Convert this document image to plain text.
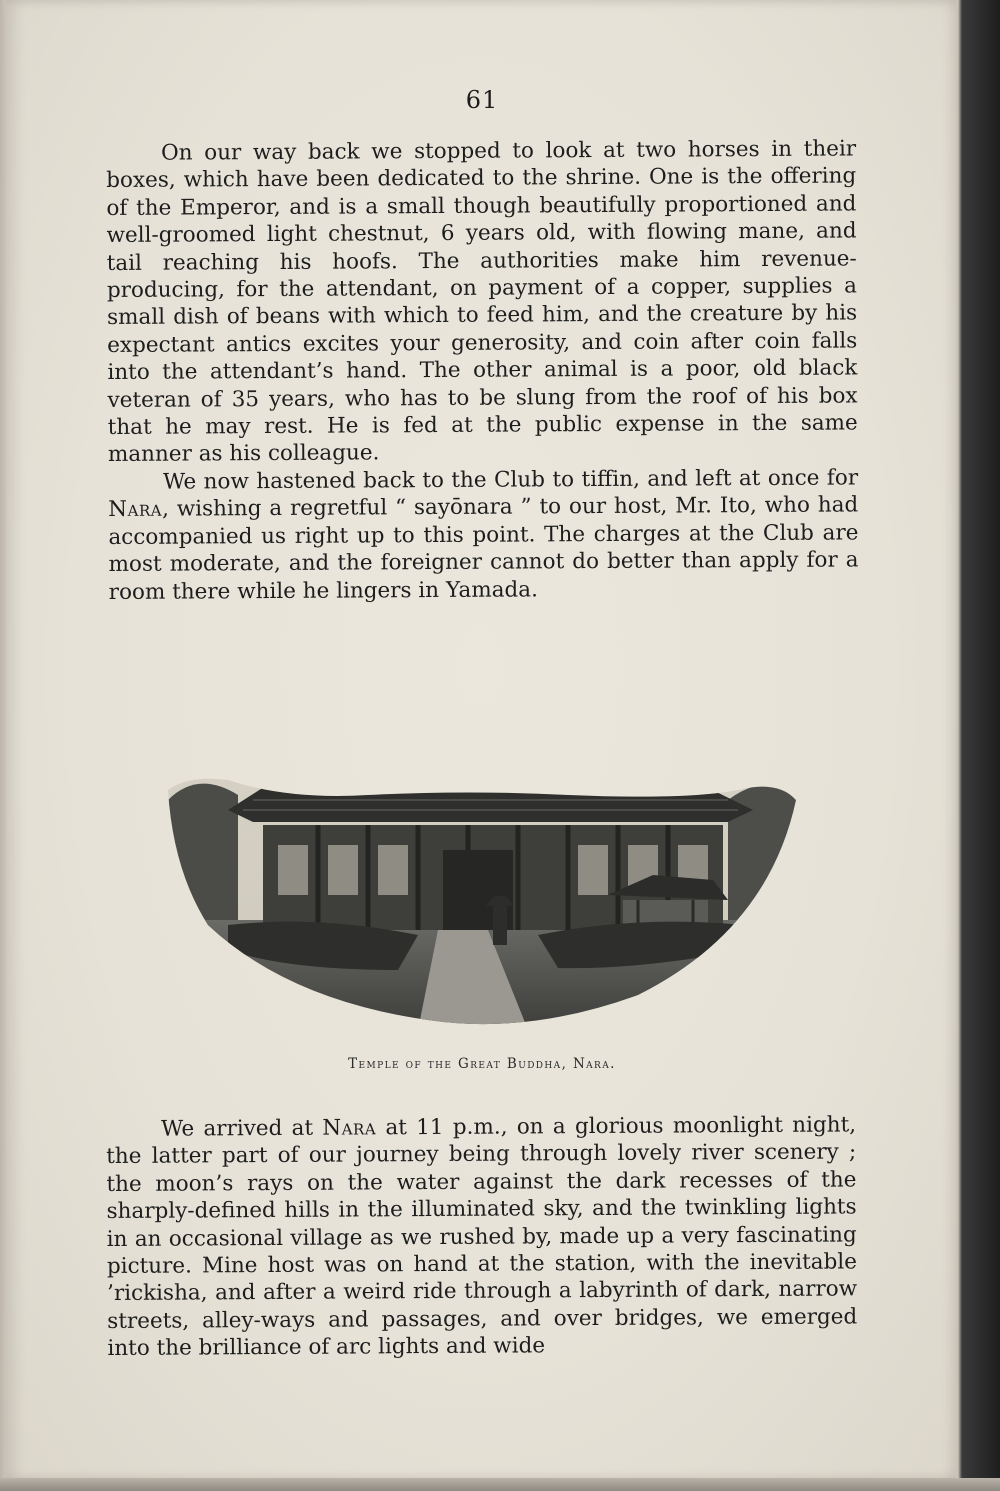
61

On our way back we stopped to look at two horses in their boxes, which have been dedicated to the shrine. One is the offering of the Emperor, and is a small though beautifully proportioned and well-groomed light chestnut, 6 years old, with flowing mane, and tail reaching his hoofs. The authorities make him revenue-producing, for the attendant, on payment of a copper, supplies a small dish of beans with which to feed him, and the creature by his expectant antics excites your generosity, and coin after coin falls into the attendant’s hand. The other animal is a poor, old black veteran of 35 years, who has to be slung from the roof of his box that he may rest. He is fed at the public expense in the same manner as his colleague.

We now hastened back to the Club to tiffin, and left at once for Nara, wishing a regretful “ sayōnara ” to our host, Mr. Ito, who had accompanied us right up to this point. The charges at the Club are most moderate, and the foreigner cannot do better than apply for a room there while he lingers in Yamada.

Temple of the Great Buddha, Nara.

We arrived at Nara at 11 p.m., on a glorious moonlight night, the latter part of our journey being through lovely river scenery ; the moon’s rays on the water against the dark recesses of the sharply-defined hills in the illuminated sky, and the twinkling lights in an occasional village as we rushed by, made up a very fascinating picture. Mine host was on hand at the station, with the inevitable ’rickisha, and after a weird ride through a labyrinth of dark, narrow streets, alley-ways and passages, and over bridges, we emerged into the brilliance of arc lights and wide
